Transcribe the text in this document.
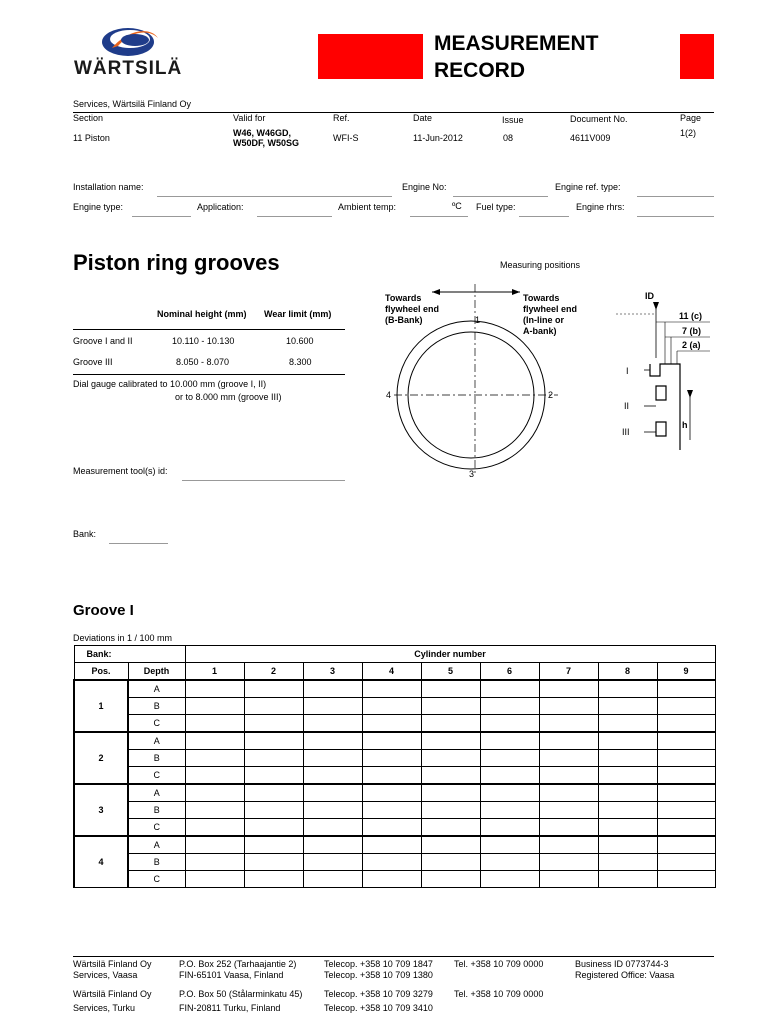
WÄRTSILÄ
MEASUREMENT
RECORD
Services, Wärtsilä Finland Oy
Section	Valid for	Ref.	Date	Issue	Document No.	Page
11 Piston	W46, W46GD,
W50DF, W50SG	WFI-S	11-Jun-2012	08	4611V009	1(2)
Installation name:	Engine No:	Engine ref. type:
Engine type:	Application:	Ambient temp:	ºC Fuel type:	Engine rhrs:
Piston ring grooves
Nominal height (mm) Wear limit (mm)
Groove I and II	10.110 - 10.130	10.600
Groove III	8.050 - 8.070	8.300
Dial gauge calibrated to 10.000 mm (groove I, II)
or to 8.000 mm (groove III)
Measurement tool(s) id:
Bank:
Measuring positions
Towards
flywheel end
(B-Bank)
Towards
flywheel end
(In-line or
A-bank)
1
2
3
4
ID
11 (c)
7 (b)
2 (a)
I
II
III
h
Groove I
Deviations in 1 / 100 mm
Bank:		Cylinder number								
Pos.	Depth	1	2	3	4	5	6	7	8	9
1	A									
	B									
	C									
2	A									
	B									
	C									
3	A									
	B									
	C									
4	A									
	B									
	C									
Wärtsilä Finland Oy	P.O. Box 252 (Tarhaajantie 2)	Telecop. +358 10 709 1847 Tel. +358 10 709 0000	Business ID 0773744-3
Services, Vaasa	FIN-65101 Vaasa, Finland	Telecop. +358 10 709 1380	Registered Office: Vaasa
Wärtsilä Finland Oy	P.O. Box 50 (Stålarminkatu 45) Telecop. +358 10 709 3279 Tel. +358 10 709 0000
Services, Turku	FIN-20811 Turku, Finland	Telecop. +358 10 709 3410
